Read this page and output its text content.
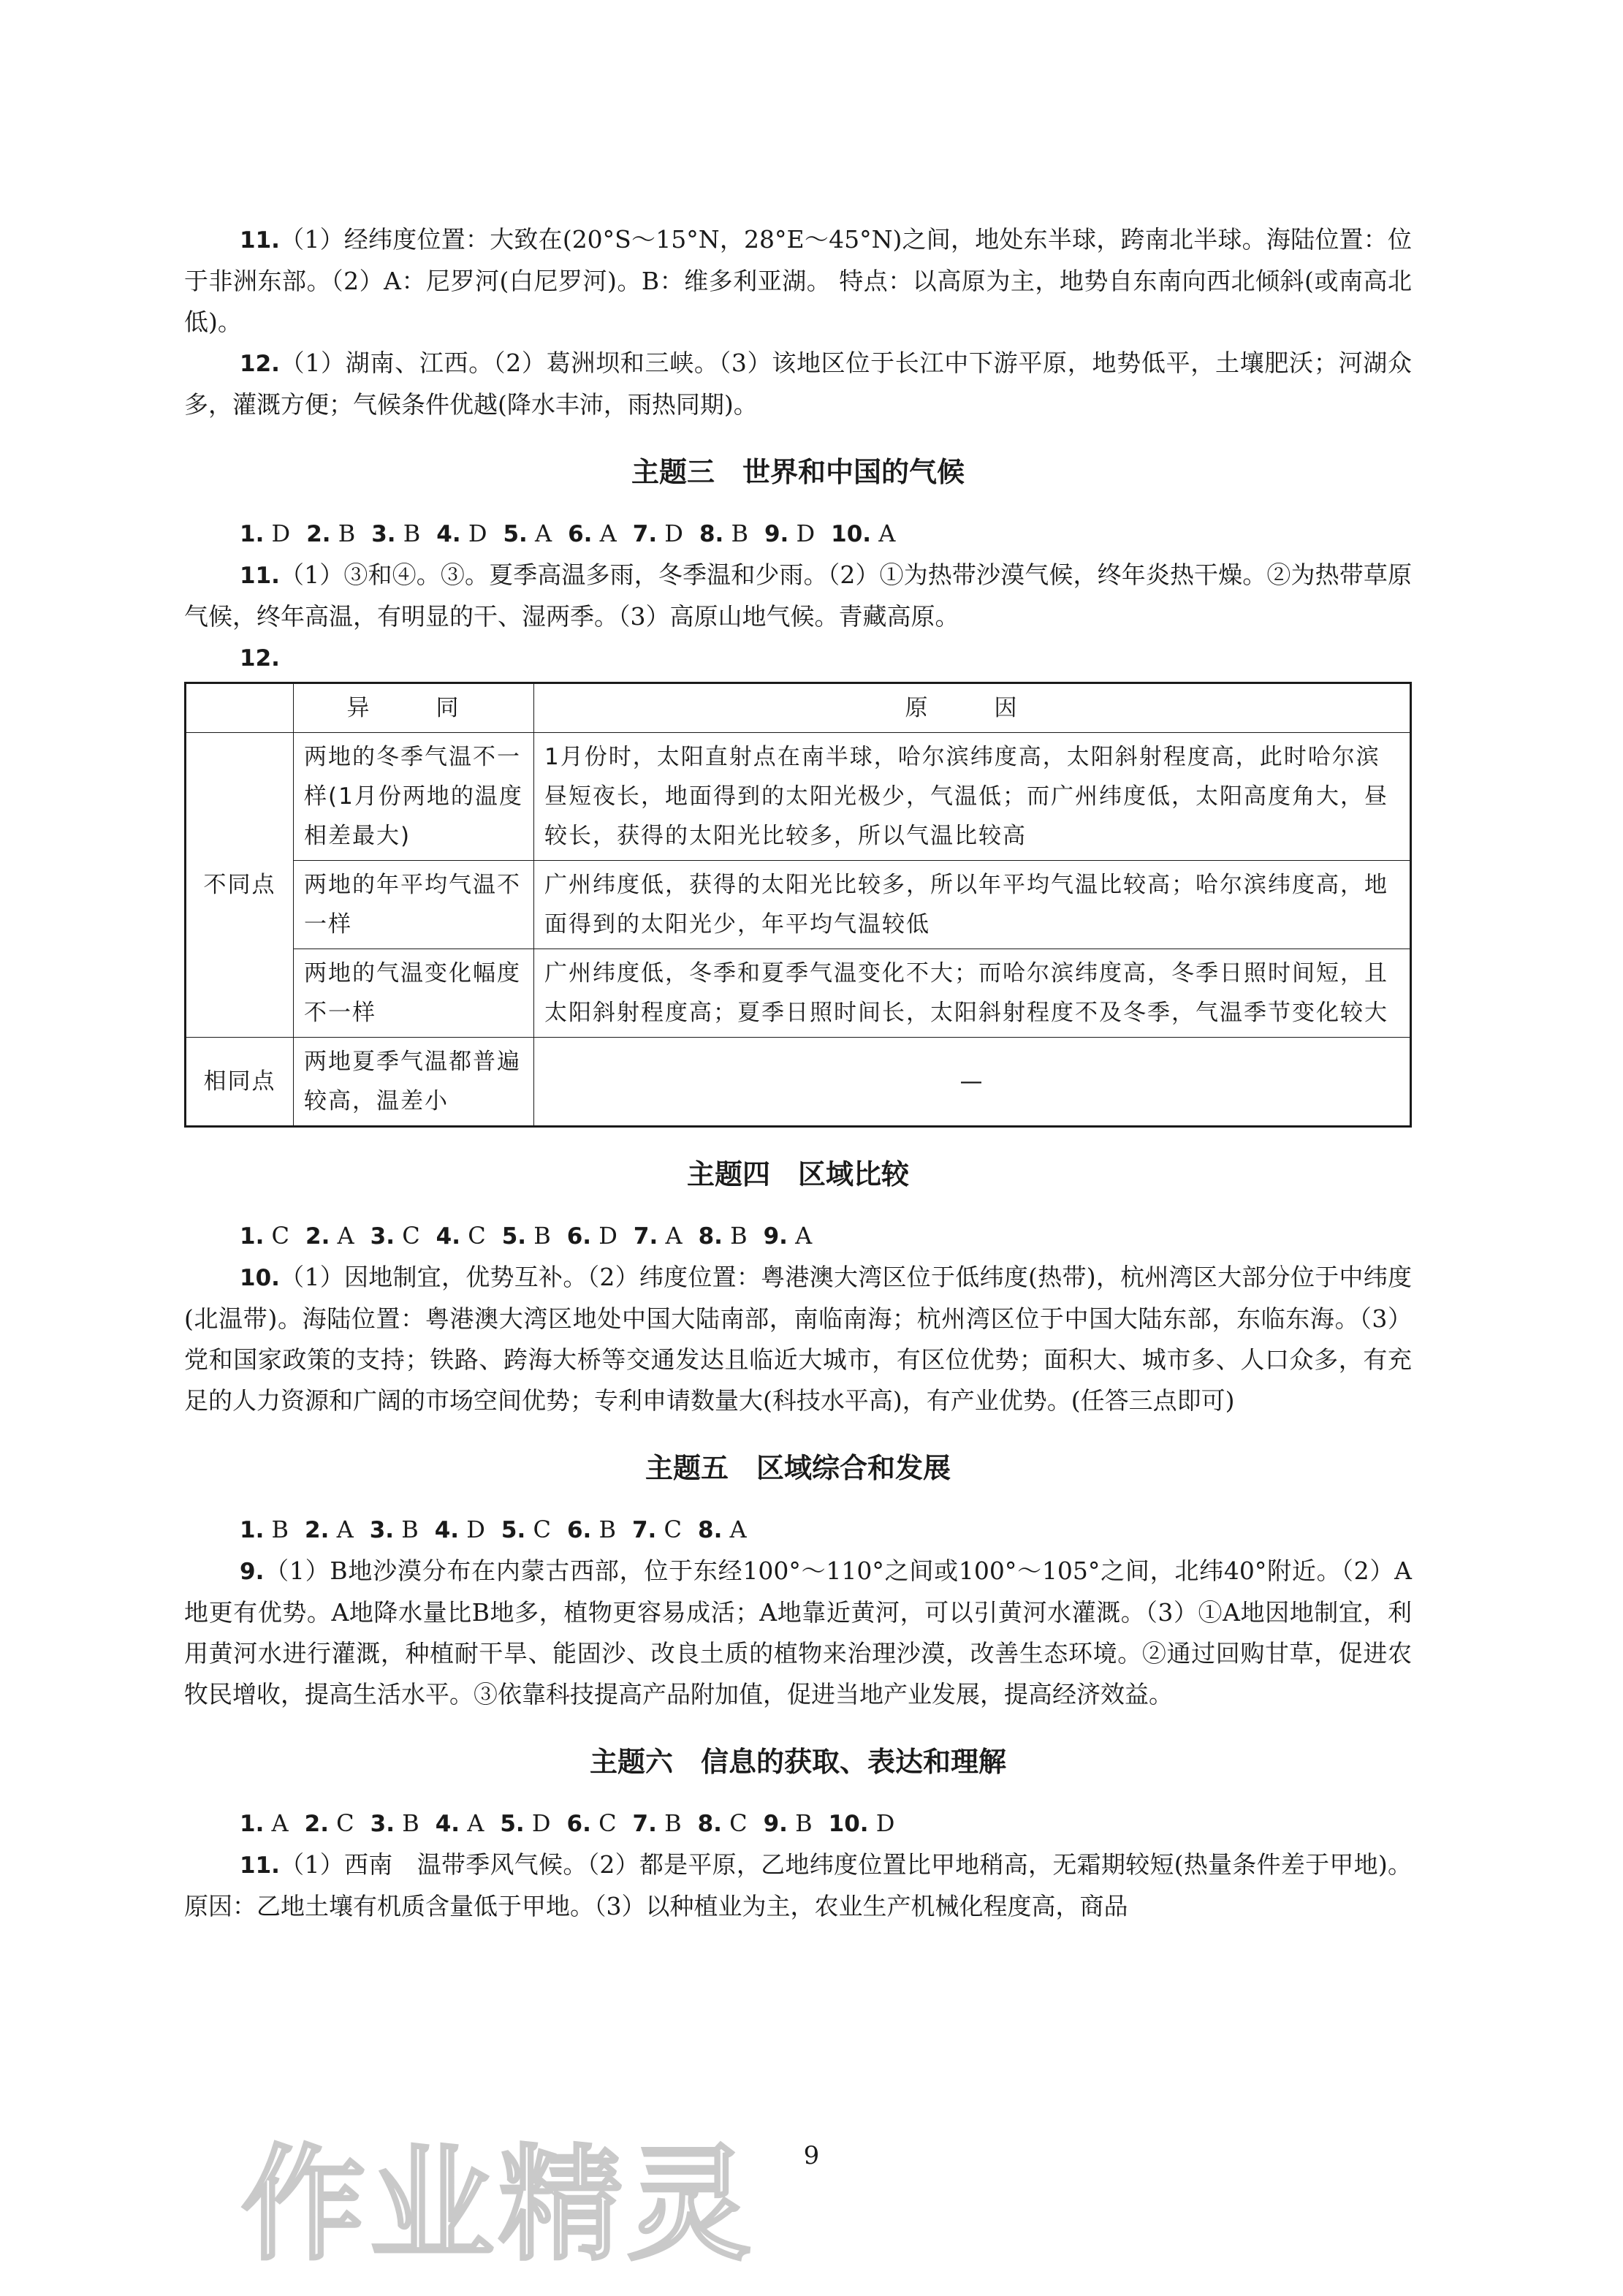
11.（1）经纬度位置：大致在(20°S～15°N，28°E～45°N)之间，地处东半球，跨南北半球。海陆位置：位于非洲东部。（2）A：尼罗河(白尼罗河)。B：维多利亚湖。 特点：以高原为主，地势自东南向西北倾斜(或南高北低)。

12.（1）湖南、江西。（2）葛洲坝和三峡。（3）该地区位于长江中下游平原，地势低平，土壤肥沃；河湖众多，灌溉方便；气候条件优越(降水丰沛，雨热同期)。

主题三　世界和中国的气候

1. D 2. B 3. B 4. D 5. A 6. A 7. D 8. B 9. D 10. A

11.（1）③和④。③。夏季高温多雨，冬季温和少雨。（2）①为热带沙漠气候，终年炎热干燥。②为热带草原气候，终年高温，有明显的干、湿两季。（3）高原山地气候。青藏高原。

12.

	异　同	原　因
不同点	两地的冬季气温不一样(1月份两地的温度相差最大)	1月份时，太阳直射点在南半球，哈尔滨纬度高，太阳斜射程度高，此时哈尔滨昼短夜长，地面得到的太阳光极少，气温低；而广州纬度低，太阳高度角大，昼较长，获得的太阳光比较多，所以气温比较高
	两地的年平均气温不一样	广州纬度低，获得的太阳光比较多，所以年平均气温比较高；哈尔滨纬度高，地面得到的太阳光少，年平均气温较低
	两地的气温变化幅度不一样	广州纬度低，冬季和夏季气温变化不大；而哈尔滨纬度高，冬季日照时间短，且太阳斜射程度高；夏季日照时间长，太阳斜射程度不及冬季，气温季节变化较大
相同点	两地夏季气温都普遍较高，温差小	—
主题四　区域比较

1. C 2. A 3. C 4. C 5. B 6. D 7. A 8. B 9. A

10.（1）因地制宜，优势互补。（2）纬度位置：粤港澳大湾区位于低纬度(热带)，杭州湾区大部分位于中纬度(北温带)。海陆位置：粤港澳大湾区地处中国大陆南部，南临南海；杭州湾区位于中国大陆东部，东临东海。（3）党和国家政策的支持；铁路、跨海大桥等交通发达且临近大城市，有区位优势；面积大、城市多、人口众多，有充足的人力资源和广阔的市场空间优势；专利申请数量大(科技水平高)，有产业优势。(任答三点即可)

主题五　区域综合和发展

1. B 2. A 3. B 4. D 5. C 6. B 7. C 8. A

9.（1）B地沙漠分布在内蒙古西部，位于东经100°～110°之间或100°～105°之间，北纬40°附近。（2）A地更有优势。A地降水量比B地多，植物更容易成活；A地靠近黄河，可以引黄河水灌溉。（3）①A地因地制宜，利用黄河水进行灌溉，种植耐干旱、能固沙、改良土质的植物来治理沙漠，改善生态环境。②通过回购甘草，促进农牧民增收，提高生活水平。③依靠科技提高产品附加值，促进当地产业发展，提高经济效益。

主题六　信息的获取、表达和理解

1. A 2. C 3. B 4. A 5. D 6. C 7. B 8. C 9. B 10. D

11.（1）西南　温带季风气候。（2）都是平原，乙地纬度位置比甲地稍高，无霜期较短(热量条件差于甲地)。原因：乙地土壤有机质含量低于甲地。（3）以种植业为主，农业生产机械化程度高，商品

9
作业精灵
